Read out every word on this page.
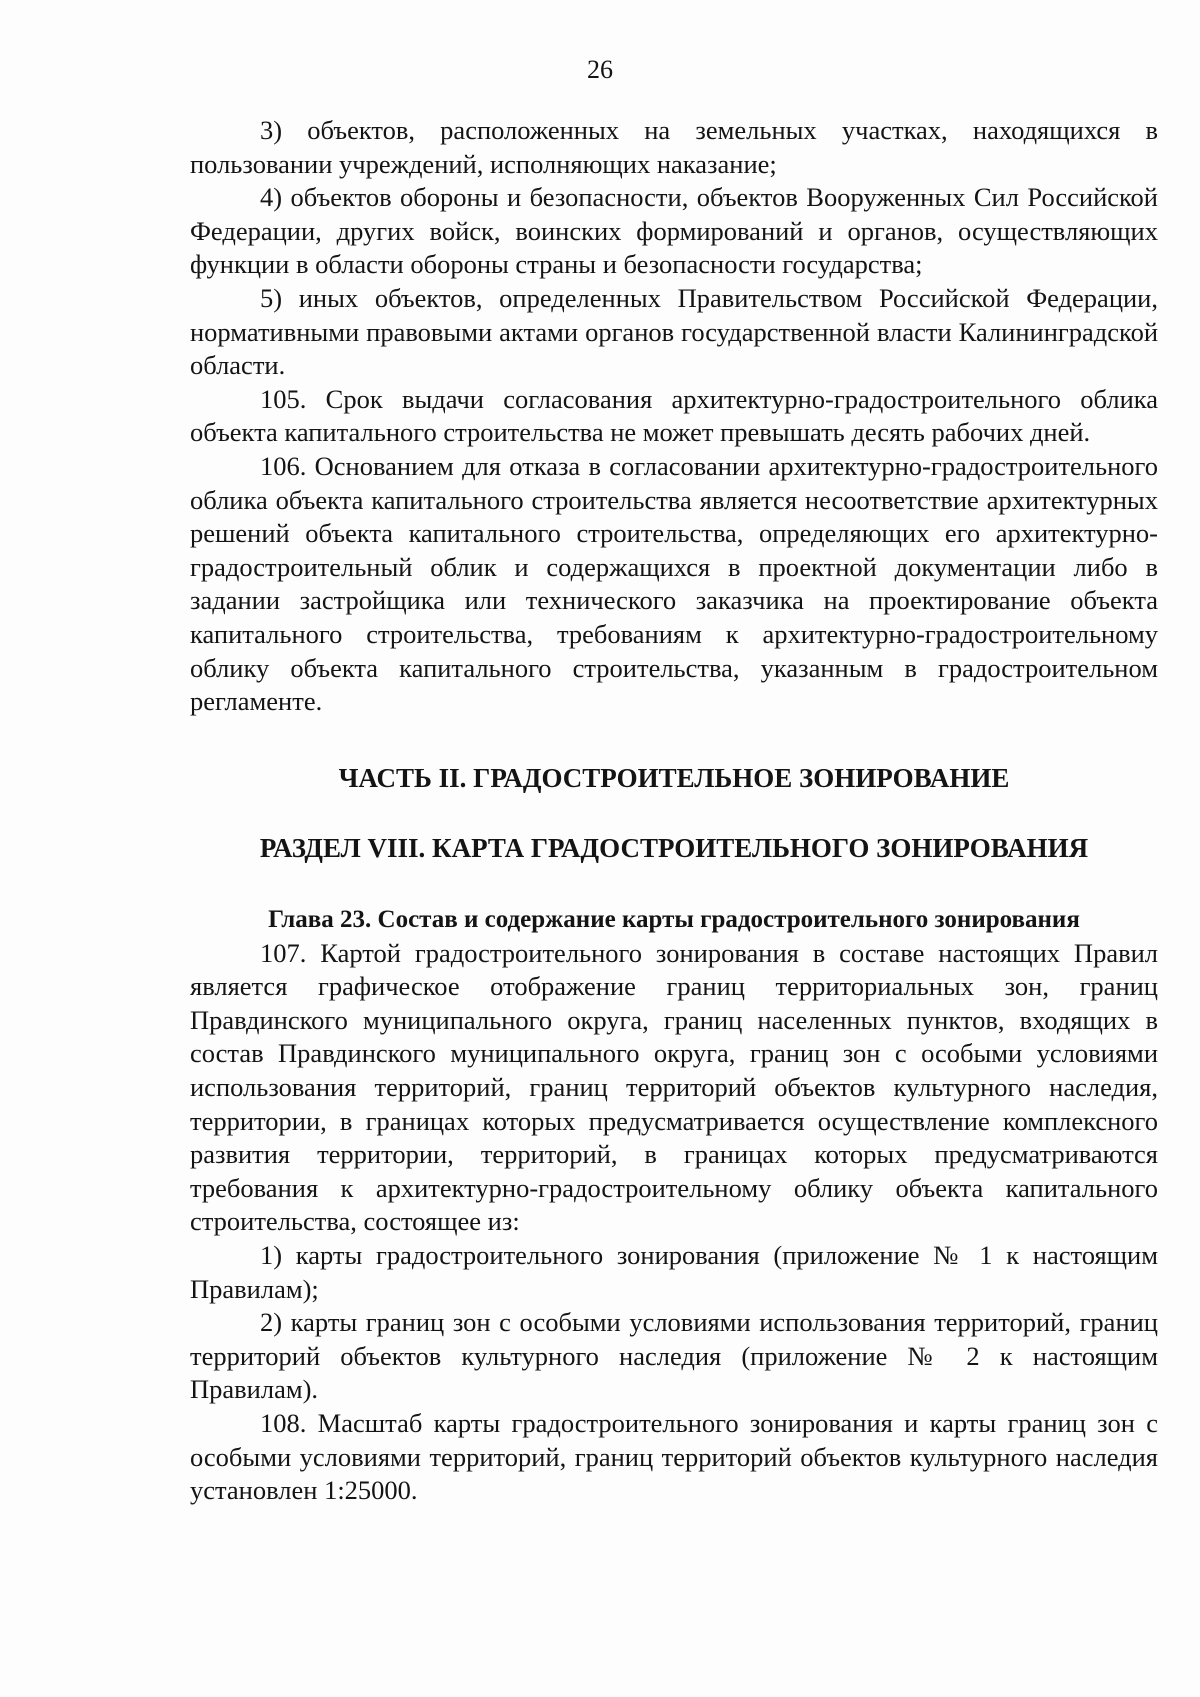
26

3) объектов, расположенных на земельных участках, находящихся в пользовании учреждений, исполняющих наказание;

4) объектов обороны и безопасности, объектов Вооруженных Сил Российской Федерации, других войск, воинских формирований и органов, осуществляющих функции в области обороны страны и безопасности государства;

5) иных объектов, определенных Правительством Российской Федерации, нормативными правовыми актами органов государственной власти Калининградской области.

105. Срок выдачи согласования архитектурно-градостроительного облика объекта капитального строительства не может превышать десять рабочих дней.

106. Основанием для отказа в согласовании архитектурно-градостроительного облика объекта капитального строительства является несоответствие архитектурных решений объекта капитального строительства, определяющих его архитектурно-градостроительный облик и содержащихся в проектной документации либо в задании застройщика или технического заказчика на проектирование объекта капитального строительства, требованиям к архитектурно-градостроительному облику объекта капитального строительства, указанным в градостроительном регламенте.

ЧАСТЬ II. ГРАДОСТРОИТЕЛЬНОЕ ЗОНИРОВАНИЕ
РАЗДЕЛ VIII. КАРТА ГРАДОСТРОИТЕЛЬНОГО ЗОНИРОВАНИЯ
Глава 23. Состав и содержание карты градостроительного зонирования

107. Картой градостроительного зонирования в составе настоящих Правил является графическое отображение границ территориальных зон, границ Правдинского муниципального округа, границ населенных пунктов, входящих в состав Правдинского муниципального округа, границ зон с особыми условиями использования территорий, границ территорий объектов культурного наследия, территории, в границах которых предусматривается осуществление комплексного развития территории, территорий, в границах которых предусматриваются требования к архитектурно-градостроительному облику объекта капитального строительства, состоящее из:

1) карты градостроительного зонирования (приложение № 1 к настоящим Правилам);

2) карты границ зон с особыми условиями использования территорий, границ территорий объектов культурного наследия (приложение № 2 к настоящим Правилам).

108. Масштаб карты градостроительного зонирования и карты границ зон с особыми условиями территорий, границ территорий объектов культурного наследия установлен 1:25000.
